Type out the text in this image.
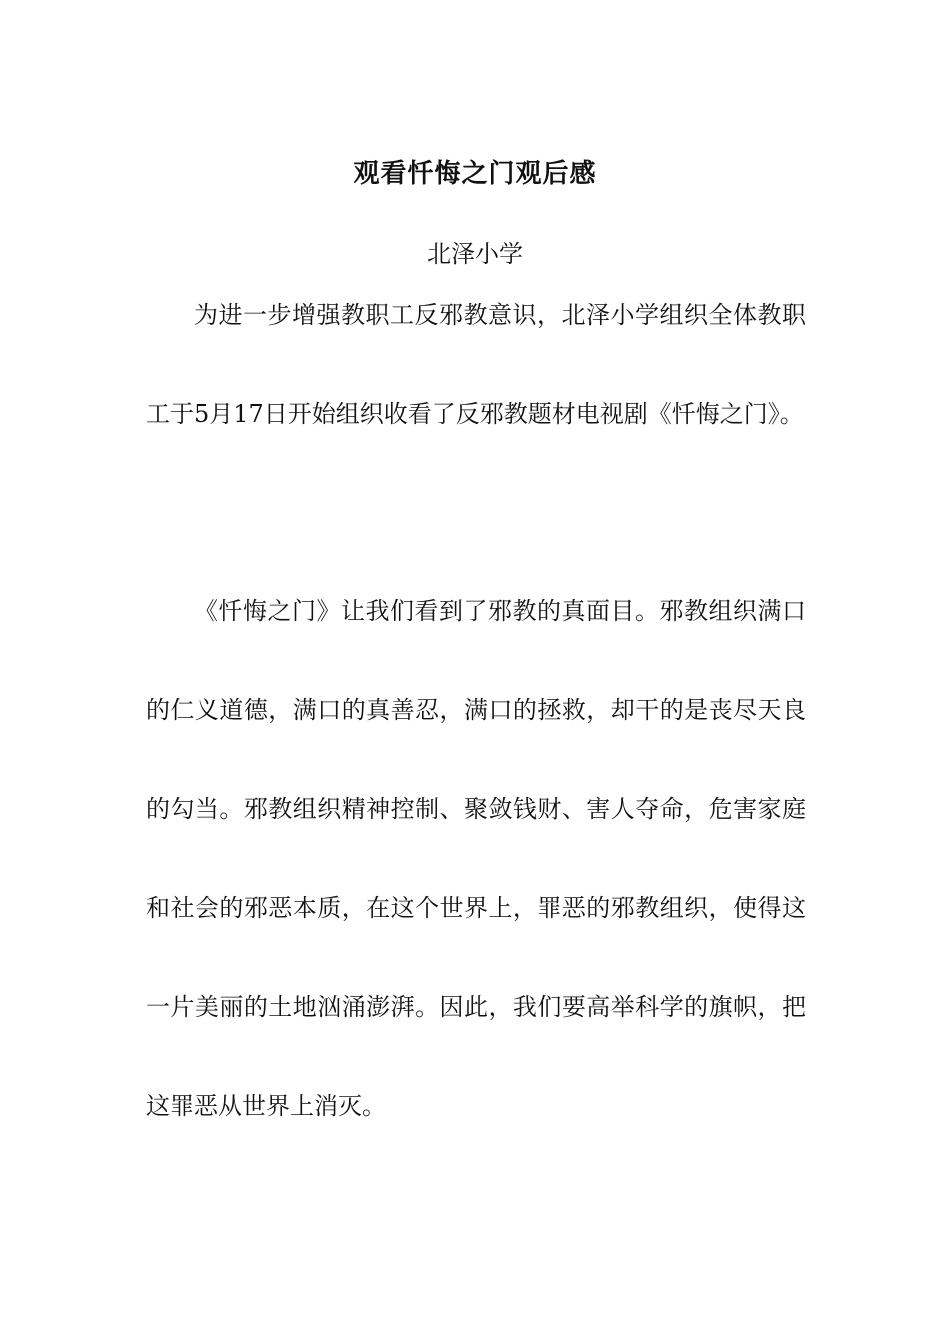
观看忏悔之门观后感

北泽小学

为进一步增强教职工反邪教意识，北泽小学组织全体教职工于5月17日开始组织收看了反邪教题材电视剧《忏悔之门》。

《忏悔之门》让我们看到了邪教的真面目。邪教组织满口的仁义道德，满口的真善忍，满口的拯救，却干的是丧尽天良的勾当。邪教组织精神控制、聚敛钱财、害人夺命，危害家庭和社会的邪恶本质，在这个世界上，罪恶的邪教组织，使得这一片美丽的土地汹涌澎湃。因此，我们要高举科学的旗帜，把这罪恶从世界上消灭。
